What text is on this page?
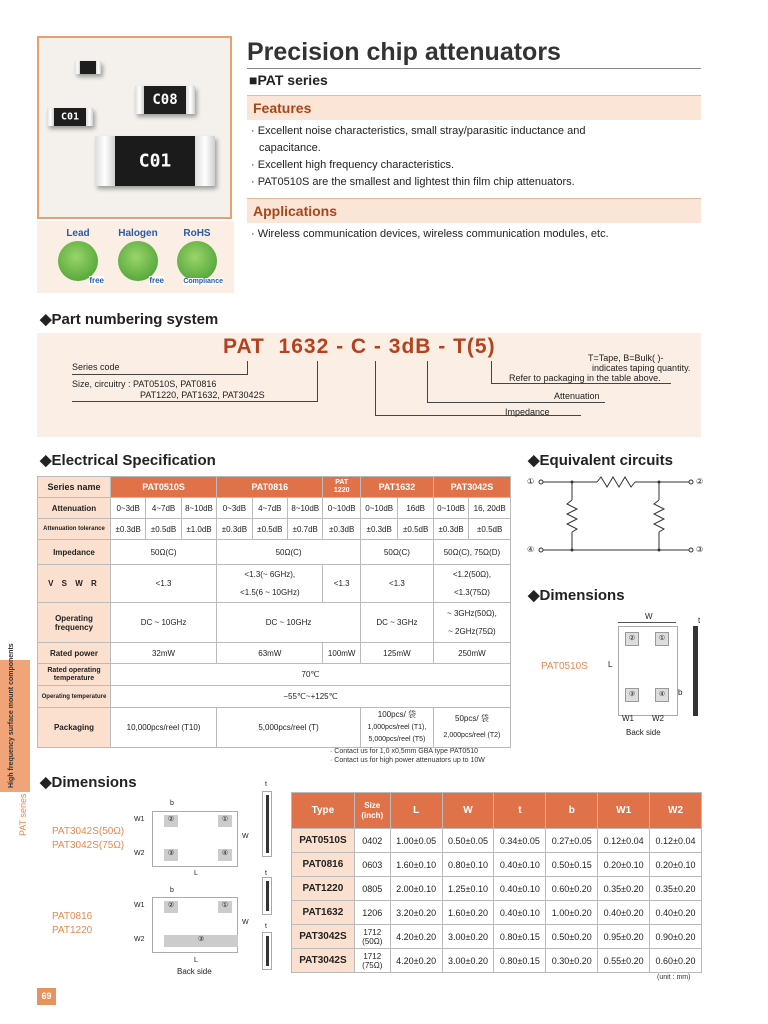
C08
C01
C01
Lead
free
Halogen
free
RoHS
Compliance
Precision chip attenuators
■PAT series
Features
· Excellent noise characteristics, small stray/parasitic inductance and
capacitance.
· Excellent high frequency characteristics.
· PAT0510S are the smallest and lightest thin film chip attenuators.
Applications
· Wireless communication devices, wireless communication modules, etc.
◆Part numbering system
PAT  1632 - C - 3dB - T(5)
Series code
Size, circuitry : PAT0510S, PAT0816
PAT1220, PAT1632, PAT3042S
Impedance
Attenuation
T=Tape, B=Bulk( )-
indicates taping quantity.
Refer to packaging in the table above.
◆Electrical Specification
Series name	PAT0510S			PAT0816			PAT
1220	PAT1632		PAT3042S	
Attenuation	0~3dB	4~7dB	8~10dB	0~3dB	4~7dB	8~10dB	0~10dB	0~10dB	16dB	0~10dB	16, 20dB
Attenuation tolerance	±0.3dB	±0.5dB	±1.0dB	±0.3dB	±0.5dB	±0.7dB	±0.3dB	±0.3dB	±0.5dB	±0.3dB	±0.5dB
Impedance	50Ω(C)			50Ω(C)				50Ω(C)		50Ω(C), 75Ω(D)	
V S W R	<1.3			<1.3(~ 6GHz),
<1.5(6 ~ 10GHz)			<1.3	<1.3		<1.2(50Ω),
<1.3(75Ω)	
Operating
frequency	DC ~ 10GHz			DC ~ 10GHz				DC ~ 3GHz		~ 3GHz(50Ω),
~ 2GHz(75Ω)	
Rated power	32mW			63mW			100mW	125mW		250mW	
Rated operating
temperature	70℃										
Operating temperature	−55℃~+125℃										
Packaging	10,000pcs/reel (T10)			5,000pcs/reel (T)				100pcs/ 袋
1,000pcs/reel (T1),
5,000pcs/reel (T5)		50pcs/ 袋
2,000pcs/reel (T2)	
· Contact us for 1,0 x0,5mm GBA type PAT0510
· Contact us for high power attenuators up to 10W
◆Equivalent circuits
①	②
④	③
◆Dimensions
PAT0510S
W
②	①
③	④
L
b
W1 W2
Back side
t
◆Dimensions
PAT3042S(50Ω)
PAT3042S(75Ω)
PAT0816
PAT1220
b
W1
W2
W
L
②	①
③	④
t
b
W1
W2
W
L
Back side
②	①
③
t
t
Type	Size
(inch)	L	W	t	b	W1	W2
PAT0510S	0402	1.00±0.05	0.50±0.05	0.34±0.05	0.27±0.05	0.12±0.04	0.12±0.04
PAT0816	0603	1.60±0.10	0.80±0.10	0.40±0.10	0.50±0.15	0.20±0.10	0.20±0.10
PAT1220	0805	2.00±0.10	1.25±0.10	0.40±0.10	0.60±0.20	0.35±0.20	0.35±0.20
PAT1632	1206	3.20±0.20	1.60±0.20	0.40±0.10	1.00±0.20	0.40±0.20	0.40±0.20
PAT3042S	1712
(50Ω)	4.20±0.20	3.00±0.20	0.80±0.15	0.50±0.20	0.95±0.20	0.90±0.20
PAT3042S	1712
(75Ω)	4.20±0.20	3.00±0.20	0.80±0.15	0.30±0.20	0.55±0.20	0.60±0.20
(unit : mm)
High frequency surface mount components
PAT series
69
